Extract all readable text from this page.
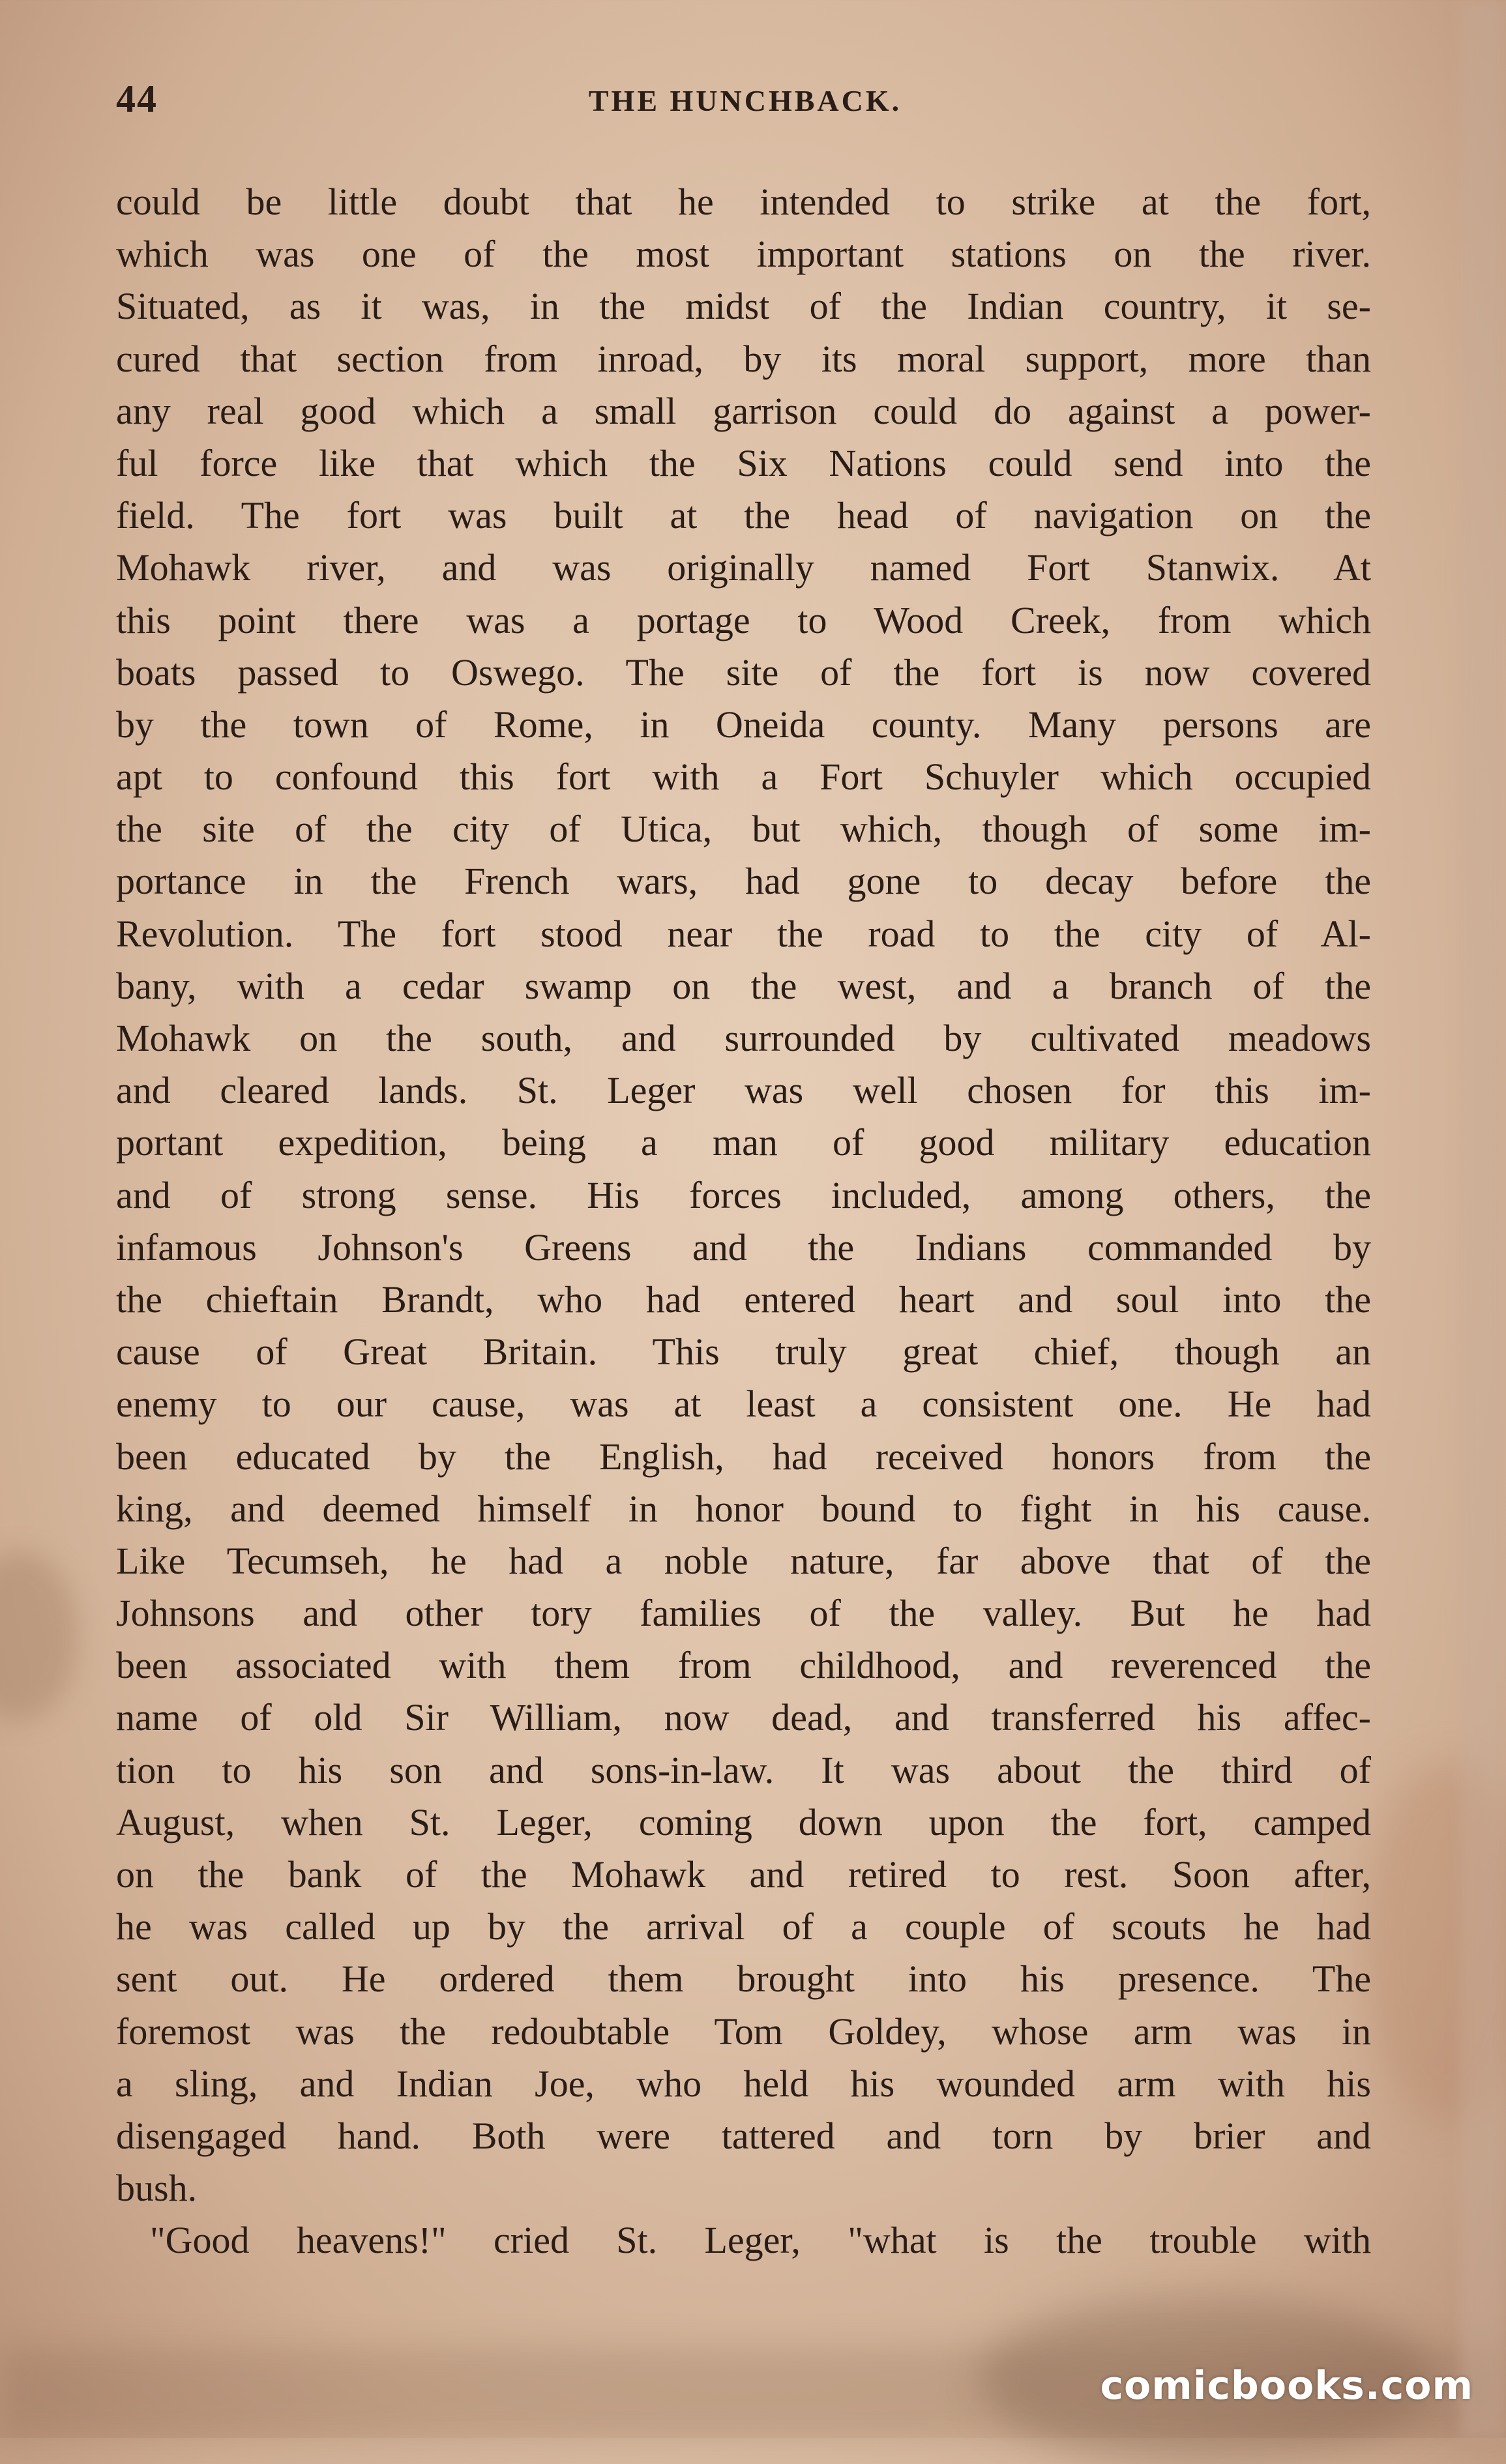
44	THE HUNCHBACK.
could be little doubt that he intended to strike at the fort,
which was one of the most important stations on the river.
Situated, as it was, in the midst of the Indian country, it se-
cured that section from inroad, by its moral support, more than
any real good which a small garrison could do against a power-
ful force like that which the Six Nations could send into the
field. The fort was built at the head of navigation on the
Mohawk river, and was originally named Fort Stanwix. At
this point there was a portage to Wood Creek, from which
boats passed to Oswego. The site of the fort is now covered
by the town of Rome, in Oneida county. Many persons are
apt to confound this fort with a Fort Schuyler which occupied
the site of the city of Utica, but which, though of some im-
portance in the French wars, had gone to decay before the
Revolution. The fort stood near the road to the city of Al-
bany, with a cedar swamp on the west, and a branch of the
Mohawk on the south, and surrounded by cultivated meadows
and cleared lands. St. Leger was well chosen for this im-
portant expedition, being a man of good military education
and of strong sense. His forces included, among others, the
infamous Johnson's Greens and the Indians commanded by
the chieftain Brandt, who had entered heart and soul into the
cause of Great Britain. This truly great chief, though an
enemy to our cause, was at least a consistent one. He had
been educated by the English, had received honors from the
king, and deemed himself in honor bound to fight in his cause.
Like Tecumseh, he had a noble nature, far above that of the
Johnsons and other tory families of the valley. But he had
been associated with them from childhood, and reverenced the
name of old Sir William, now dead, and transferred his affec-
tion to his son and sons-in-law. It was about the third of
August, when St. Leger, coming down upon the fort, camped
on the bank of the Mohawk and retired to rest. Soon after,
he was called up by the arrival of a couple of scouts he had
sent out. He ordered them brought into his presence. The
foremost was the redoubtable Tom Goldey, whose arm was in
a sling, and Indian Joe, who held his wounded arm with his
disengaged hand. Both were tattered and torn by brier and
bush.
"Good heavens!" cried St. Leger, "what is the trouble with
comicbooks.com
